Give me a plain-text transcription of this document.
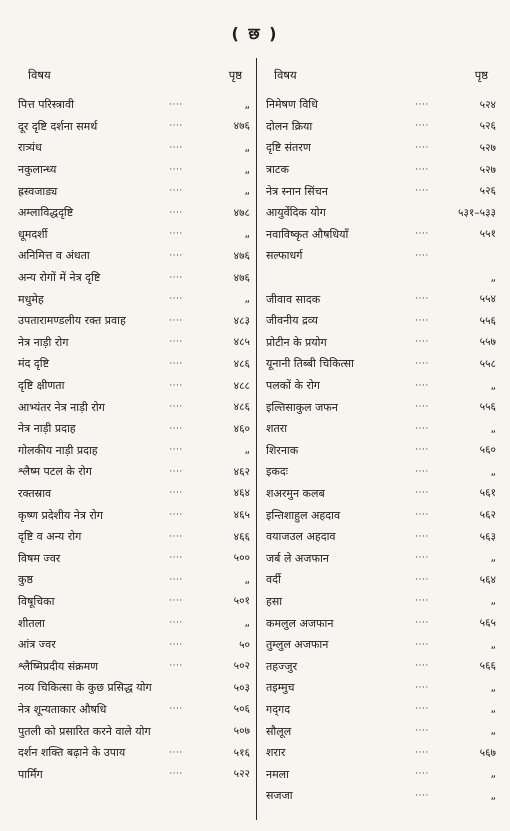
( छ )
विषय	पृष्ठ
पित्त परिस्त्रावी	····	„
दूर दृष्टि दर्शना समर्थ	····	४७६
रात्र्यंध	····	„
नकुलान्ध्य	····	„
ह्रस्वजाड्य	····	„
अम्लाविद्धदृष्टि	····	४७८
धूमदर्शी	····	„
अनिमित्त व अंधता	····	४७६
अन्य रोगों में नेत्र दृष्टि	····	४७६
मधुमेह	····	„
उपतारामण्डलीय रक्त प्रवाह	····	४८३
नेत्र नाड़ी रोग	····	४८५
मंद दृष्टि	····	४८६
दृष्टि क्षीणता	····	४८८
आभ्यंतर नेत्र नाड़ी रोग	····	४८६
नेत्र नाड़ी प्रदाह	····	४६०
गोलकीय नाड़ी प्रदाह	····	„
श्लैष्म पटल के रोग	····	४६२
रक्तस्राव	····	४६४
कृष्ण प्रदेशीय नेत्र रोग	····	४६५
दृष्टि व अन्य रोग	····	४६६
विषम ज्वर	····	५००
कुष्ठ	····	„
विषूचिका	····	५०१
शीतला	····	„
आंत्र ज्वर	····	५०
श्लैष्मिप्रदीय संक्रमण	····	५०२
नव्य चिकित्सा के कुछ प्रसिद्ध योग	५०३
नेत्र शून्यताकार औषधि	····	५०६
पुतली को प्रसारित करने वाले योग	५०७
दर्शन शक्ति बढ़ाने के उपाय	····	५१६
पार्मिंग	····	५२२
विषय	पृष्ठ
निमेषण विधि	····	५२४
दोलन क्रिया	····	५२६
दृष्टि संतरण	····	५२७
त्राटक	····	५२७
नेत्र स्नान सिंचन	····	५२६
आयुर्वेदिक योग	५३१–५३३
नवाविष्कृत औषधियाँ	····	५५१
सल्फाधर्ग	····
„
जीवाव सादक	····	५५४
जीवनीय द्रव्य	····	५५६
प्रोटीन के प्रयोग	····	५५७
यूनानी तिब्बी चिकित्सा	····	५५८
पलकों के रोग	····	„
इल्तिसाकुल जफन	····	५५६
शतरा	····	„
शिरनाक	····	५६०
इकदः	····	„
शअरमुन कलब	····	५६१
इन्तिशाहुल अहदाव	····	५६२
वयाजउल अहदाव	····	५६३
जर्ब ले अजफान	····	„
वर्दी	····	५६४
हसा	····	„
कमलुल अजफान	····	५६५
तुम्लुल अजफान	····	„
तहज्जुर	····	५६६
तइम्मुच	····	„
गद्‌गद	····	„
सौलूल	····	„
शरार	····	५६७
नमला	····	„
सजजा	····	„
